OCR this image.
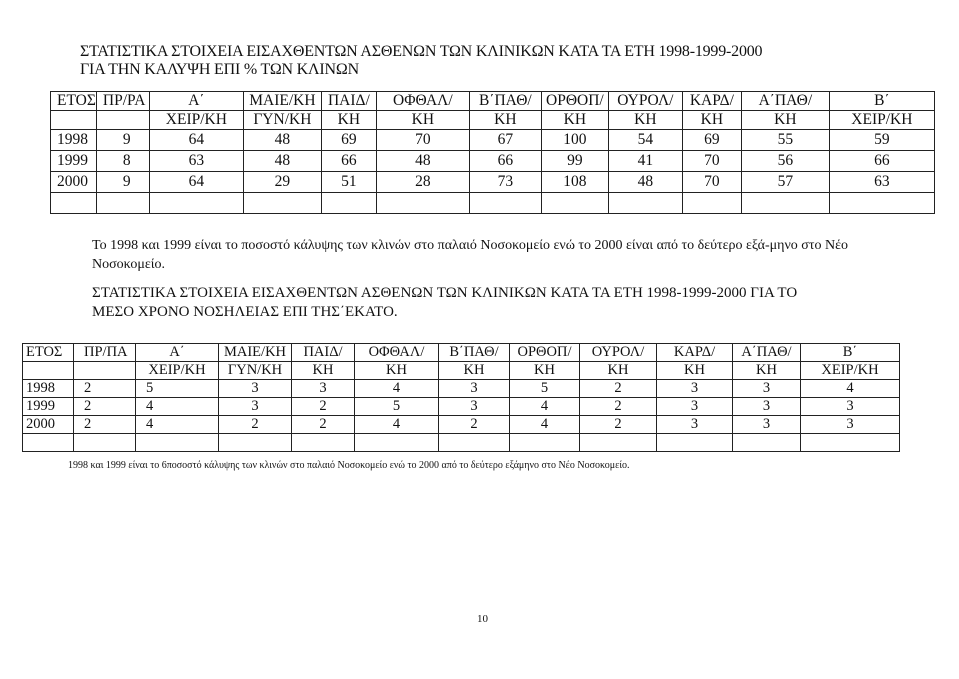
ΣΤΑΤΙΣΤΙΚΑ ΣΤΟΙΧΕΙΑ ΕΙΣΑΧΘΕΝΤΩΝ ΑΣΘΕΝΩΝ ΤΩΝ ΚΛΙΝΙΚΩΝ ΚΑΤΑ ΤΑ ΕΤΗ 1998-1999-2000
ΓΙΑ ΤΗΝ ΚΑΛΥΨΗ ΕΠΙ % ΤΩΝ ΚΛΙΝΩΝ
ΕΤΟΣ	ΠΡ/ΡΑ	Α΄	ΜΑΙΕ/ΚΗ	ΠΑΙΔ/	ΟΦΘΑΛ/	Β΄ΠΑΘ/	ΟΡΘΟΠ/	ΟΥΡΟΛ/	ΚΑΡΔ/	Α΄ΠΑΘ/	Β΄
		ΧΕΙΡ/ΚΗ	ΓΥΝ/ΚΗ	ΚΗ	ΚΗ	ΚΗ	ΚΗ	ΚΗ	ΚΗ	ΚΗ	ΧΕΙΡ/ΚΗ
1998	9	64	48	69	70	67	100	54	69	55	59
1999	8	63	48	66	48	66	99	41	70	56	66
2000	9	64	29	51	28	73	108	48	70	57	63

Το 1998 και 1999 είναι το ποσοστό κάλυψης των κλινών στο παλαιό Νοσοκομείο ενώ το 2000 είναι από το δεύτερο εξά-μηνο στο Νέο Νοσοκομείο.
ΣΤΑΤΙΣΤΙΚΑ ΣΤΟΙΧΕΙΑ ΕΙΣΑΧΘΕΝΤΩΝ ΑΣΘΕΝΩΝ ΤΩΝ ΚΛΙΝΙΚΩΝ ΚΑΤΑ ΤΑ ΕΤΗ 1998-1999-2000 ΓΙΑ ΤΟ
ΜΕΣΟ ΧΡΟΝΟ ΝΟΣΗΛΕΙΑΣ ΕΠΙ ΤΗΣ΄ΕΚΑΤΟ.
ΕΤΟΣ	ΠΡ/ΠΑ	Α΄	ΜΑΙΕ/ΚΗ	ΠΑΙΔ/	ΟΦΘΑΛ/	Β΄ΠΑΘ/	ΟΡΘΟΠ/	ΟΥΡΟΛ/	ΚΑΡΔ/	Α΄ΠΑΘ/	Β΄
		ΧΕΙΡ/ΚΗ	ΓΥΝ/ΚΗ	ΚΗ	ΚΗ	ΚΗ	ΚΗ	ΚΗ	ΚΗ	ΚΗ	ΧΕΙΡ/ΚΗ
1998	2	5	3	3	4	3	5	2	3	3	4
1999	2	4	3	2	5	3	4	2	3	3	3
2000	2	4	2	2	4	2	4	2	3	3	3

1998 και 1999 είναι το 6ποσοστό κάλυψης των κλινών στο παλαιό Νοσοκομείο ενώ το 2000 από το δεύτερο εξάμηνο στο Νέο Νοσοκομείο.
10
